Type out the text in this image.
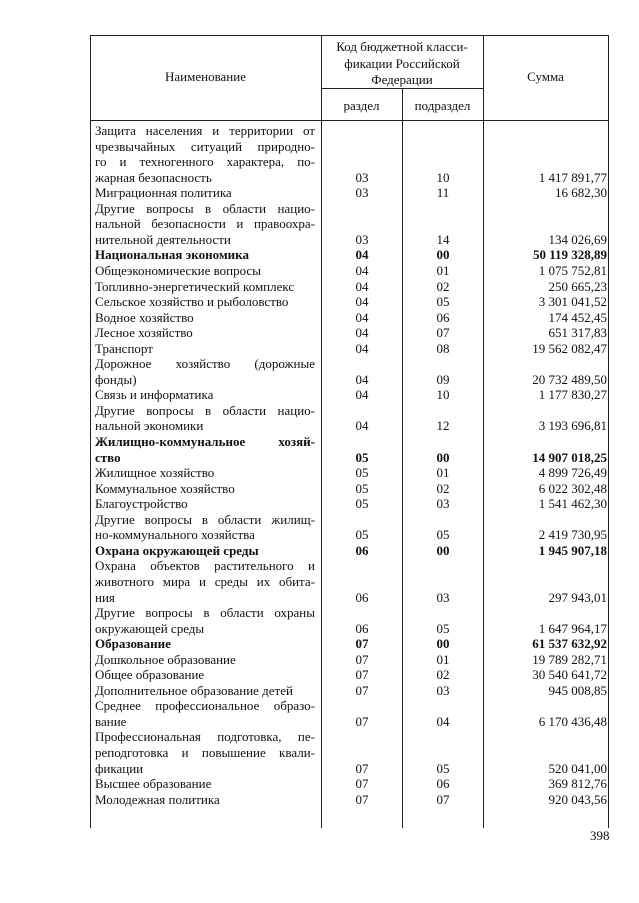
Наименование
Код бюджетной класси-
фикации Российской
Федерации
раздел	подраздел
Сумма
Защита населения и территории от
чрезвычайных ситуаций природно-
го и техногенного характера, по-
жарная безопасность	03	10	1 417 891,77
Миграционная политика	03	11	16 682,30
Другие вопросы в области нацио-
нальной безопасности и правоохра-
нительной деятельности	03	14	134 026,69
Национальная экономика	04	00	50 119 328,89
Общеэкономические вопросы	04	01	1 075 752,81
Топливно-энергетический комплекс	04	02	250 665,23
Сельское хозяйство и рыболовство	04	05	3 301 041,52
Водное хозяйство	04	06	174 452,45
Лесное хозяйство	04	07	651 317,83
Транспорт	04	08	19 562 082,47
Дорожное хозяйство (дорожные
фонды)	04	09	20 732 489,50
Связь и информатика	04	10	1 177 830,27
Другие вопросы в области нацио-
нальной экономики	04	12	3 193 696,81
Жилищно-коммунальное хозяй-
ство	05	00	14 907 018,25
Жилищное хозяйство	05	01	4 899 726,49
Коммунальное хозяйство	05	02	6 022 302,48
Благоустройство	05	03	1 541 462,30
Другие вопросы в области жилищ-
но-коммунального хозяйства	05	05	2 419 730,95
Охрана окружающей среды	06	00	1 945 907,18
Охрана объектов растительного и
животного мира и среды их обита-
ния	06	03	297 943,01
Другие вопросы в области охраны
окружающей среды	06	05	1 647 964,17
Образование	07	00	61 537 632,92
Дошкольное образование	07	01	19 789 282,71
Общее образование	07	02	30 540 641,72
Дополнительное образование детей	07	03	945 008,85
Среднее профессиональное образо-
вание	07	04	6 170 436,48
Профессиональная подготовка, пе-
реподготовка и повышение квали-
фикации	07	05	520 041,00
Высшее образование	07	06	369 812,76
Молодежная политика	07	07	920 043,56
398
